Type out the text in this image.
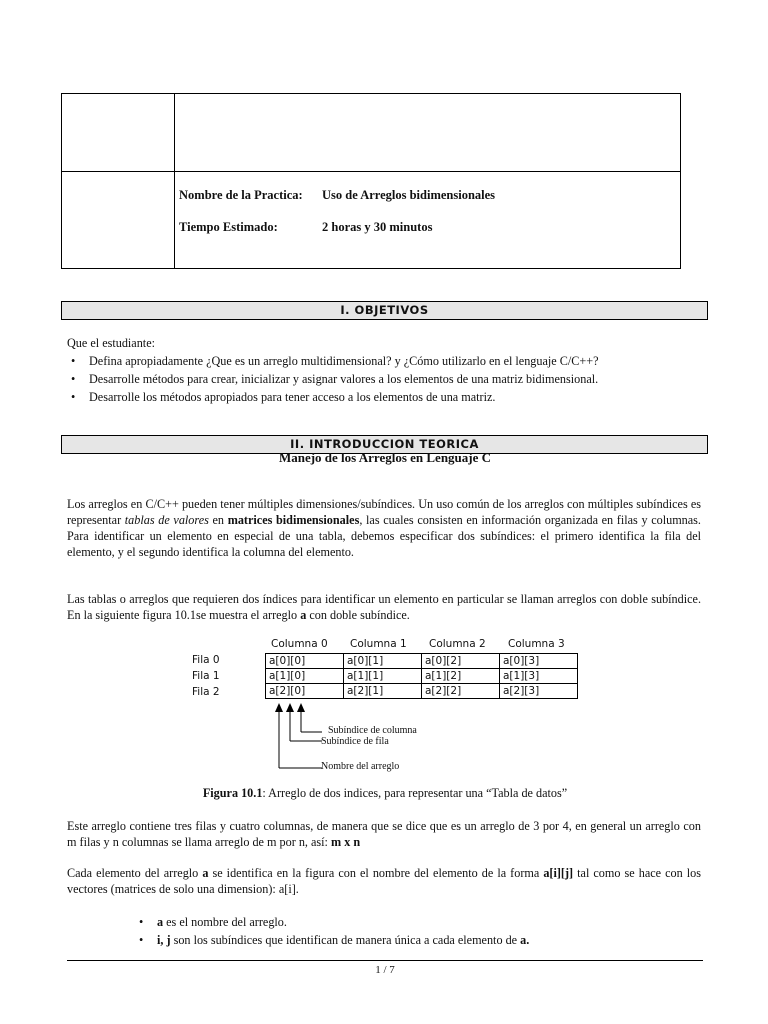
Nombre de la Practica: Uso de Arreglos bidimensionales
Tiempo Estimado:	2 horas y 30 minutos
I. OBJETIVOS
Que el estudiante:
• Defina apropiadamente ¿Que es un arreglo multidimensional? y ¿Cómo utilizarlo en el lenguaje C/C++?
• Desarrolle métodos para crear, inicializar y asignar valores a los elementos de una matriz bidimensional.
• Desarrolle los métodos apropiados para tener acceso a los elementos de una matriz.
II. INTRODUCCION TEORICA
Manejo de los Arreglos en Lenguaje C
Los arreglos en C/C++ pueden tener múltiples dimensiones/subíndices. Un uso común de los arreglos con múltiples subíndices es representar tablas de valores en matrices bidimensionales, las cuales consisten en información organizada en filas y columnas. Para identificar un elemento en especial de una tabla, debemos especificar dos subíndices: el primero identifica la fila del elemento, y el segundo identifica la columna del elemento.
Las tablas o arreglos que requieren dos índices para identificar un elemento en particular se llaman arreglos con doble subíndice. En la siguiente figura 10.1se muestra el arreglo a con doble subíndice.
Columna 0 Columna 1 Columna 2 Columna 3
Fila 0
Fila 1
Fila 2
a[0][0]	a[0][1]	a[0][2]	a[0][3]
a[1][0]	a[1][1]	a[1][2]	a[1][3]
a[2][0]	a[2][1]	a[2][2]	a[2][3]
Subíndice de columna
Subíndice de fila
Nombre del arreglo
Figura 10.1: Arreglo de dos indices, para representar una “Tabla de datos”
Este arreglo contiene tres filas y cuatro columnas, de manera que se dice que es un arreglo de 3 por 4, en general un arreglo con m filas y n columnas se llama arreglo de m por n, así: m x n
Cada elemento del arreglo a se identifica en la figura con el nombre del elemento de la forma a[i][j] tal como se hace con los vectores (matrices de solo una dimension): a[i].
• a es el nombre del arreglo.
• i, j son los subíndices que identifican de manera única a cada elemento de a.
1 / 7
